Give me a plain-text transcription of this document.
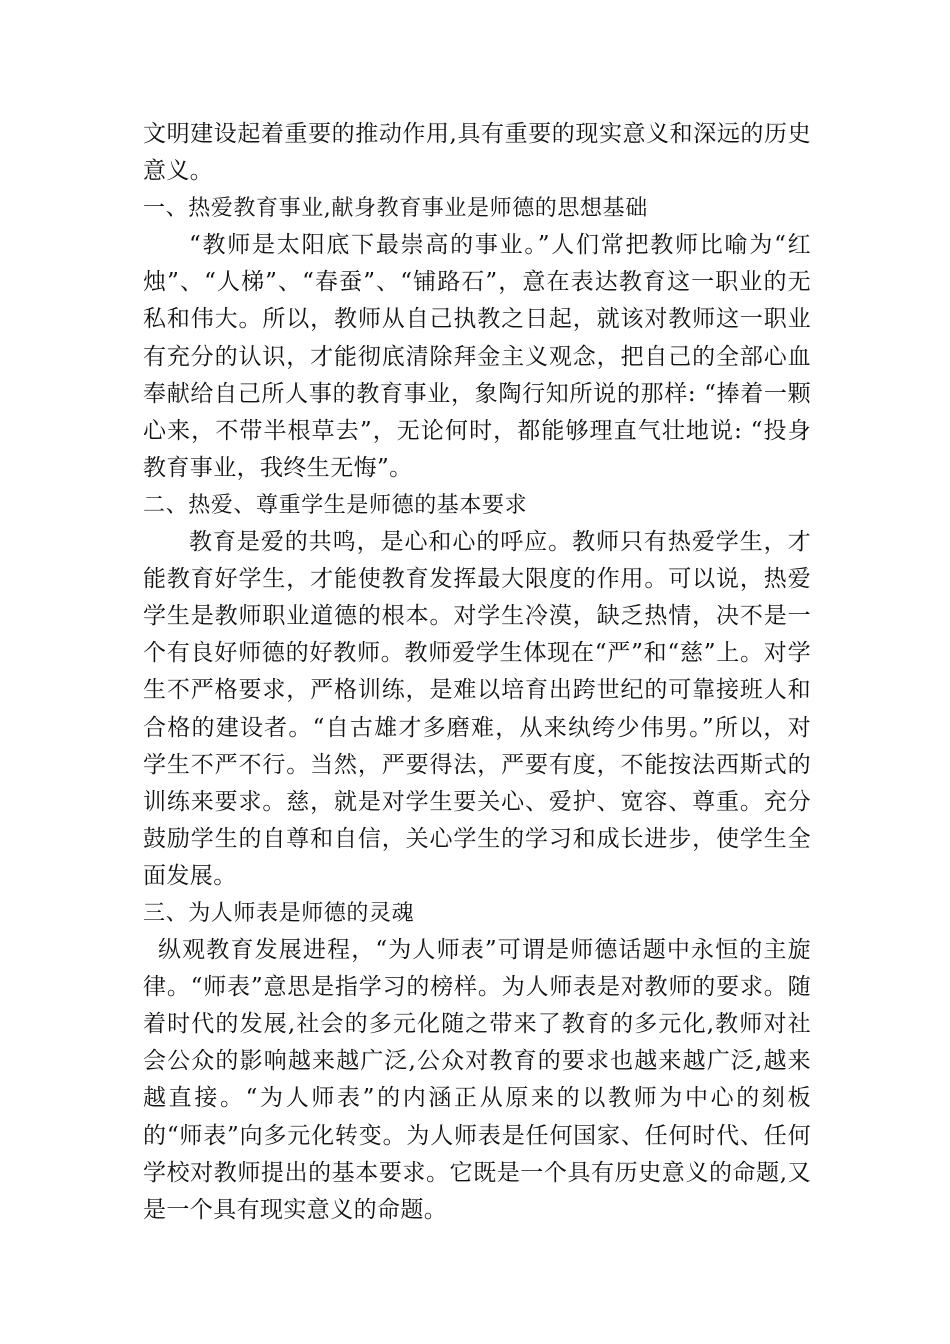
文明建设起着重要的推动作用,具有重要的现实意义和深远的历史意义。

一、热爱教育事业,献身教育事业是师德的思想基础

“教师是太阳底下最崇高的事业。”人们常把教师比喻为“红烛”、“人梯”、“春蚕”、“铺路石”，意在表达教育这一职业的无私和伟大。所以，教师从自己执教之日起，就该对教师这一职业有充分的认识，才能彻底清除拜金主义观念，把自己的全部心血奉献给自己所人事的教育事业，象陶行知所说的那样: “捧着一颗心来，不带半根草去”，无论何时，都能够理直气壮地说: “投身教育事业，我终生无悔”。

二、热爱、尊重学生是师德的基本要求

教育是爱的共鸣，是心和心的呼应。教师只有热爱学生，才能教育好学生，才能使教育发挥最大限度的作用。可以说，热爱学生是教师职业道德的根本。对学生冷漠，缺乏热情，决不是一个有良好师德的好教师。教师爱学生体现在“严”和“慈”上。对学生不严格要求，严格训练，是难以培育出跨世纪的可靠接班人和合格的建设者。“自古雄才多磨难，从来纨绔少伟男。”所以，对学生不严不行。当然，严要得法，严要有度，不能按法西斯式的训练来要求。慈，就是对学生要关心、爱护、宽容、尊重。充分鼓励学生的自尊和自信，关心学生的学习和成长进步，使学生全面发展。

三、为人师表是师德的灵魂

纵观教育发展进程，“为人师表”可谓是师德话题中永恒的主旋律。“师表”意思是指学习的榜样。为人师表是对教师的要求。随着时代的发展,社会的多元化随之带来了教育的多元化,教师对社会公众的影响越来越广泛,公众对教育的要求也越来越广泛,越来越直接。“为人师表”的内涵正从原来的以教师为中心的刻板的“师表”向多元化转变。为人师表是任何国家、任何时代、任何学校对教师提出的基本要求。它既是一个具有历史意义的命题,又是一个具有现实意义的命题。
